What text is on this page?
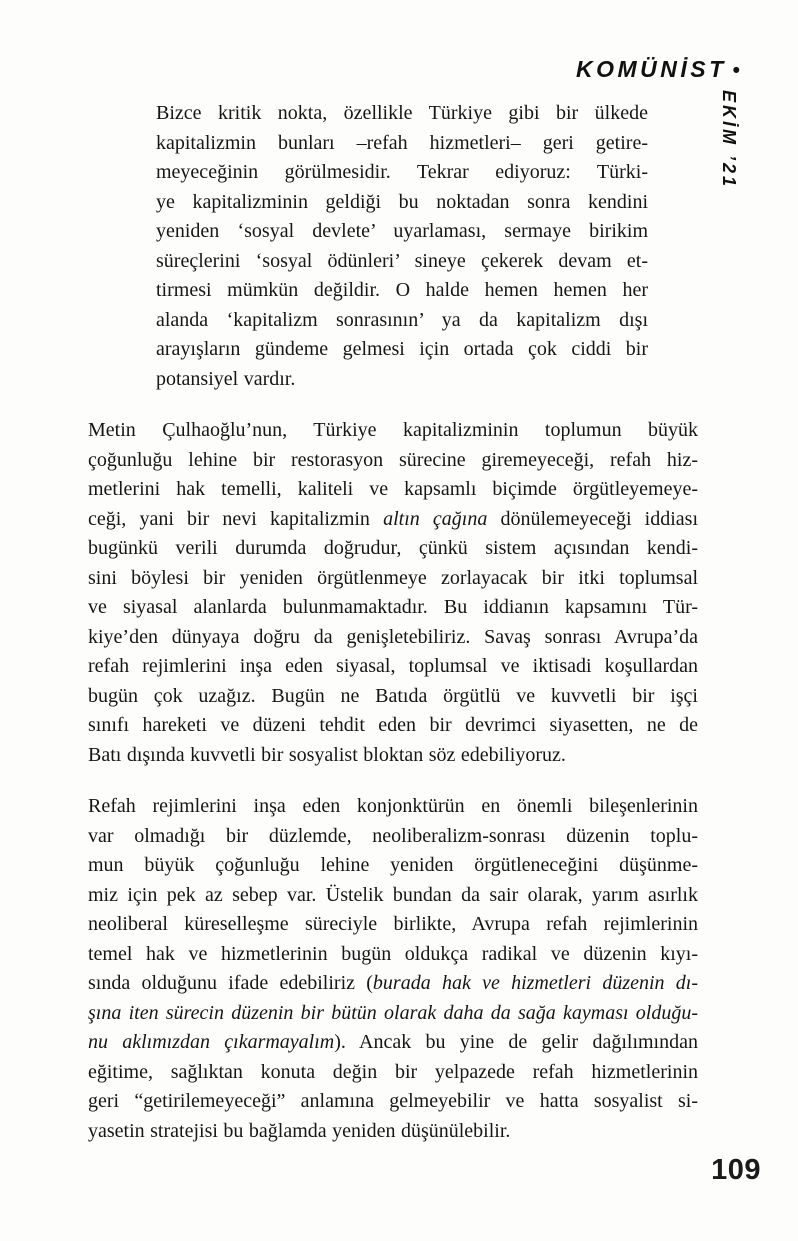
KOMÜNİST •
EKİM ’21
Bizce kritik nokta, özellikle Türkiye gibi bir ülkede
kapitalizmin bunları –refah hizmetleri– geri getire-
meyeceğinin görülmesidir. Tekrar ediyoruz: Türki-
ye kapitalizminin geldiği bu noktadan sonra kendini
yeniden ‘sosyal devlete’ uyarlaması, sermaye birikim
süreçlerini ‘sosyal ödünleri’ sineye çekerek devam et-
tirmesi mümkün değildir. O halde hemen hemen her
alanda ‘kapitalizm sonrasının’ ya da kapitalizm dışı
arayışların gündeme gelmesi için ortada çok ciddi bir
potansiyel vardır.
Metin Çulhaoğlu’nun, Türkiye kapitalizminin toplumun büyük
çoğunluğu lehine bir restorasyon sürecine giremeyeceği, refah hiz-
metlerini hak temelli, kaliteli ve kapsamlı biçimde örgütleyemeye-
ceği, yani bir nevi kapitalizmin altın çağına dönülemeyeceği iddiası
bugünkü verili durumda doğrudur, çünkü sistem açısından kendi-
sini böylesi bir yeniden örgütlenmeye zorlayacak bir itki toplumsal
ve siyasal alanlarda bulunmamaktadır. Bu iddianın kapsamını Tür-
kiye’den dünyaya doğru da genişletebiliriz. Savaş sonrası Avrupa’da
refah rejimlerini inşa eden siyasal, toplumsal ve iktisadi koşullardan
bugün çok uzağız. Bugün ne Batıda örgütlü ve kuvvetli bir işçi
sınıfı hareketi ve düzeni tehdit eden bir devrimci siyasetten, ne de
Batı dışında kuvvetli bir sosyalist bloktan söz edebiliyoruz.
Refah rejimlerini inşa eden konjonktürün en önemli bileşenlerinin
var olmadığı bir düzlemde, neoliberalizm-sonrası düzenin toplu-
mun büyük çoğunluğu lehine yeniden örgütleneceğini düşünme-
miz için pek az sebep var. Üstelik bundan da sair olarak, yarım asırlık
neoliberal küreselleşme süreciyle birlikte, Avrupa refah rejimlerinin
temel hak ve hizmetlerinin bugün oldukça radikal ve düzenin kıyı-
sında olduğunu ifade edebiliriz (burada hak ve hizmetleri düzenin dı-
şına iten sürecin düzenin bir bütün olarak daha da sağa kayması olduğu-
nu aklımızdan çıkarmayalım). Ancak bu yine de gelir dağılımından
eğitime, sağlıktan konuta değin bir yelpazede refah hizmetlerinin
geri “getirilemeyeceği” anlamına gelmeyebilir ve hatta sosyalist si-
yasetin stratejisi bu bağlamda yeniden düşünülebilir.
109
